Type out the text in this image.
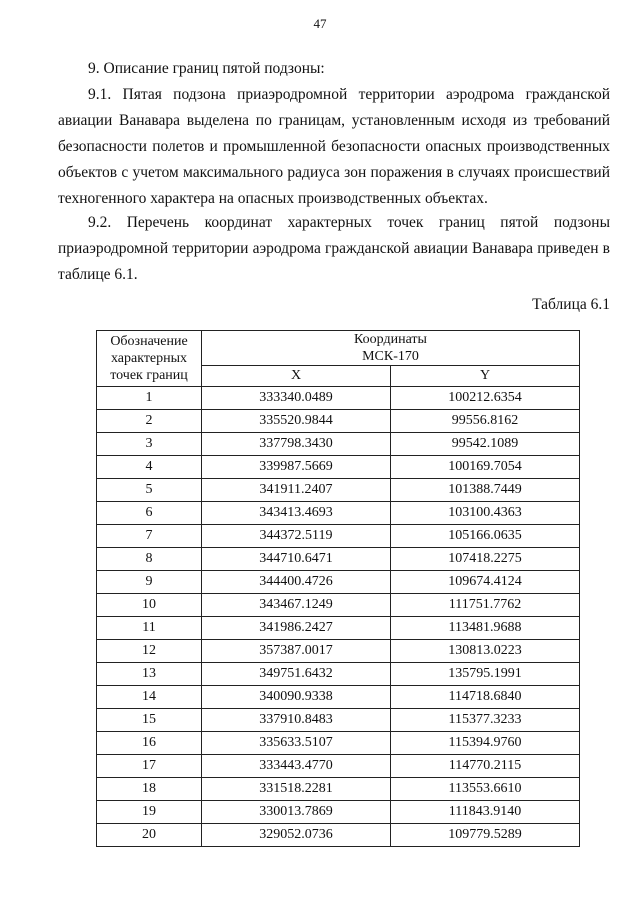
47
9. Описание границ пятой подзоны:
9.1. Пятая подзона приаэродромной территории аэродрома гражданской авиации Ванавара выделена по границам, установленным исходя из требований безопасности полетов и промышленной безопасности опасных производственных объектов с учетом максимального радиуса зон поражения в случаях происшествий техногенного характера на опасных производственных объектах.
9.2. Перечень координат характерных точек границ пятой подзоны приаэродромной территории аэродрома гражданской авиации Ванавара приведен в таблице 6.1.
Таблица 6.1
Обозначение
характерных
точек границ	Координаты
МСК-170	
	X	Y
1	333340.0489	100212.6354
2	335520.9844	99556.8162
3	337798.3430	99542.1089
4	339987.5669	100169.7054
5	341911.2407	101388.7449
6	343413.4693	103100.4363
7	344372.5119	105166.0635
8	344710.6471	107418.2275
9	344400.4726	109674.4124
10	343467.1249	111751.7762
11	341986.2427	113481.9688
12	357387.0017	130813.0223
13	349751.6432	135795.1991
14	340090.9338	114718.6840
15	337910.8483	115377.3233
16	335633.5107	115394.9760
17	333443.4770	114770.2115
18	331518.2281	113553.6610
19	330013.7869	111843.9140
20	329052.0736	109779.5289
